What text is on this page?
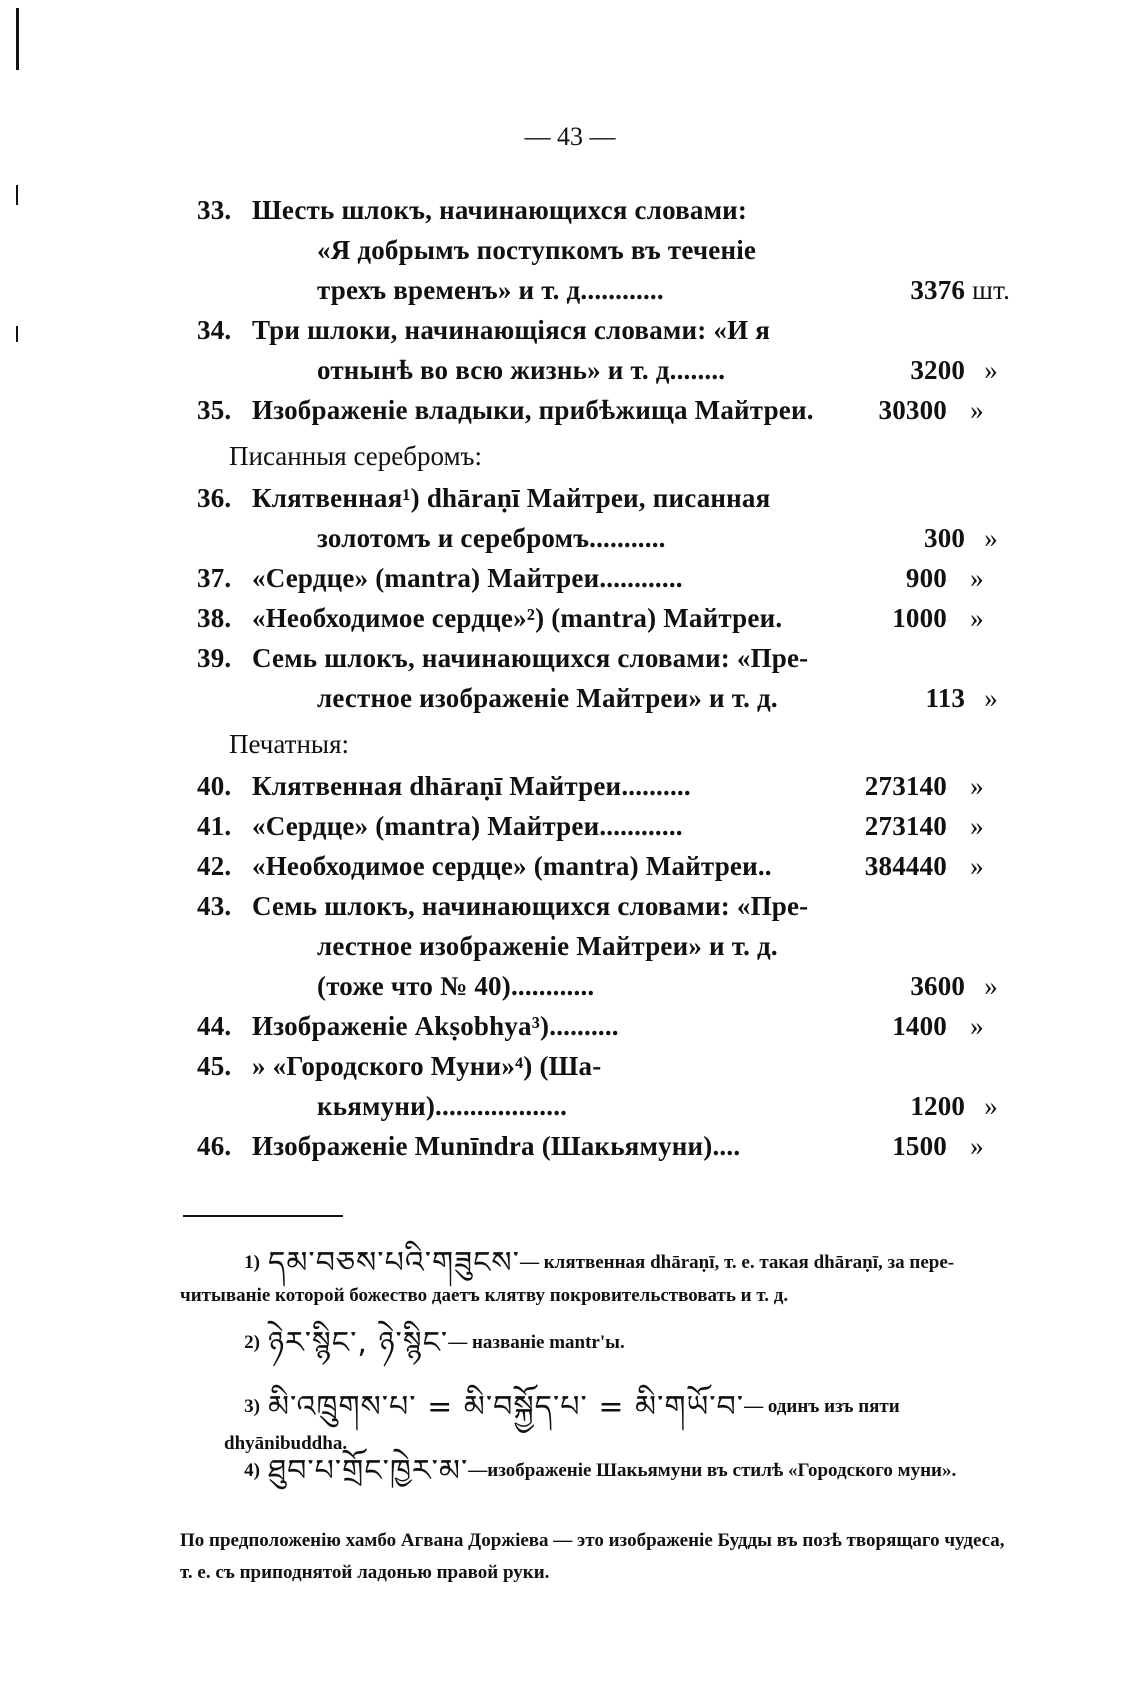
— 43 —
33. Шесть шлокъ, начинающихся словами:
«Я добрымъ поступкомъ въ теченіе
трехъ временъ» и т. д. ...........	3376 шт.
34. Три шлоки, начинающіяся словами: «И я
отнынѣ во всю жизнь» и т. д. .......	3200 »
35. Изображеніе владыки, прибѣжища Майтреи.	30300 »
Писанныя серебромъ:
36. Клятвенная¹) dhāraṇī Майтреи, писанная
золотомъ и серебромъ ...........	300 »
37. «Сердце» (mantra) Майтреи ............	900 »
38. «Необходимое сердце»²) (mantra) Майтреи .	1000 »
39. Семь шлокъ, начинающихся словами: «Пре-
лестное изображеніе Майтреи» и т. д.	113 »
Печатныя:
40. Клятвенная dhāraṇī Майтреи ..........	273140 »
41. «Сердце» (mantra) Майтреи ............	273140 »
42. «Необходимое сердце» (mantra) Майтреи ..	384440 »
43. Семь шлокъ, начинающихся словами: «Пре-
лестное изображеніе Майтреи» и т. д.
(тоже что № 40) ............	3600 »
44. Изображеніе Akṣobhya³) ..........	1400 »
45. » «Городского Муни»⁴) (Ша-
кьямуни) ...................	1200 »
46. Изображеніе Munīndra (Шакьямуни) ....	1500 »
1) དམ་བཅས་པའི་གཟུངས་— клятвенная dhāraṇī, т. е. такая dhāraṇī, за пере-
читываніе которой божество даетъ клятву покровительствовать и т. д.
2) ཉེར་སྙིང་, ཉེ་སྙིང་— названіе mantr'ы.
3) མི་འཁྲུགས་པ་ = མི་བསྐྱོད་པ་ = མི་གཡོ་བ་— одинъ изъ пяти dhyānibuddha.
4) ཐུབ་པ་གྲོང་ཁྱེར་མ་—изображеніе Шакьямуни въ стилѣ «Городского муни».
По предположенію хамбо Агвана Доржіева — это изображеніе Будды въ позѣ творящаго чудеса, т. е. съ приподнятой ладонью правой руки.
